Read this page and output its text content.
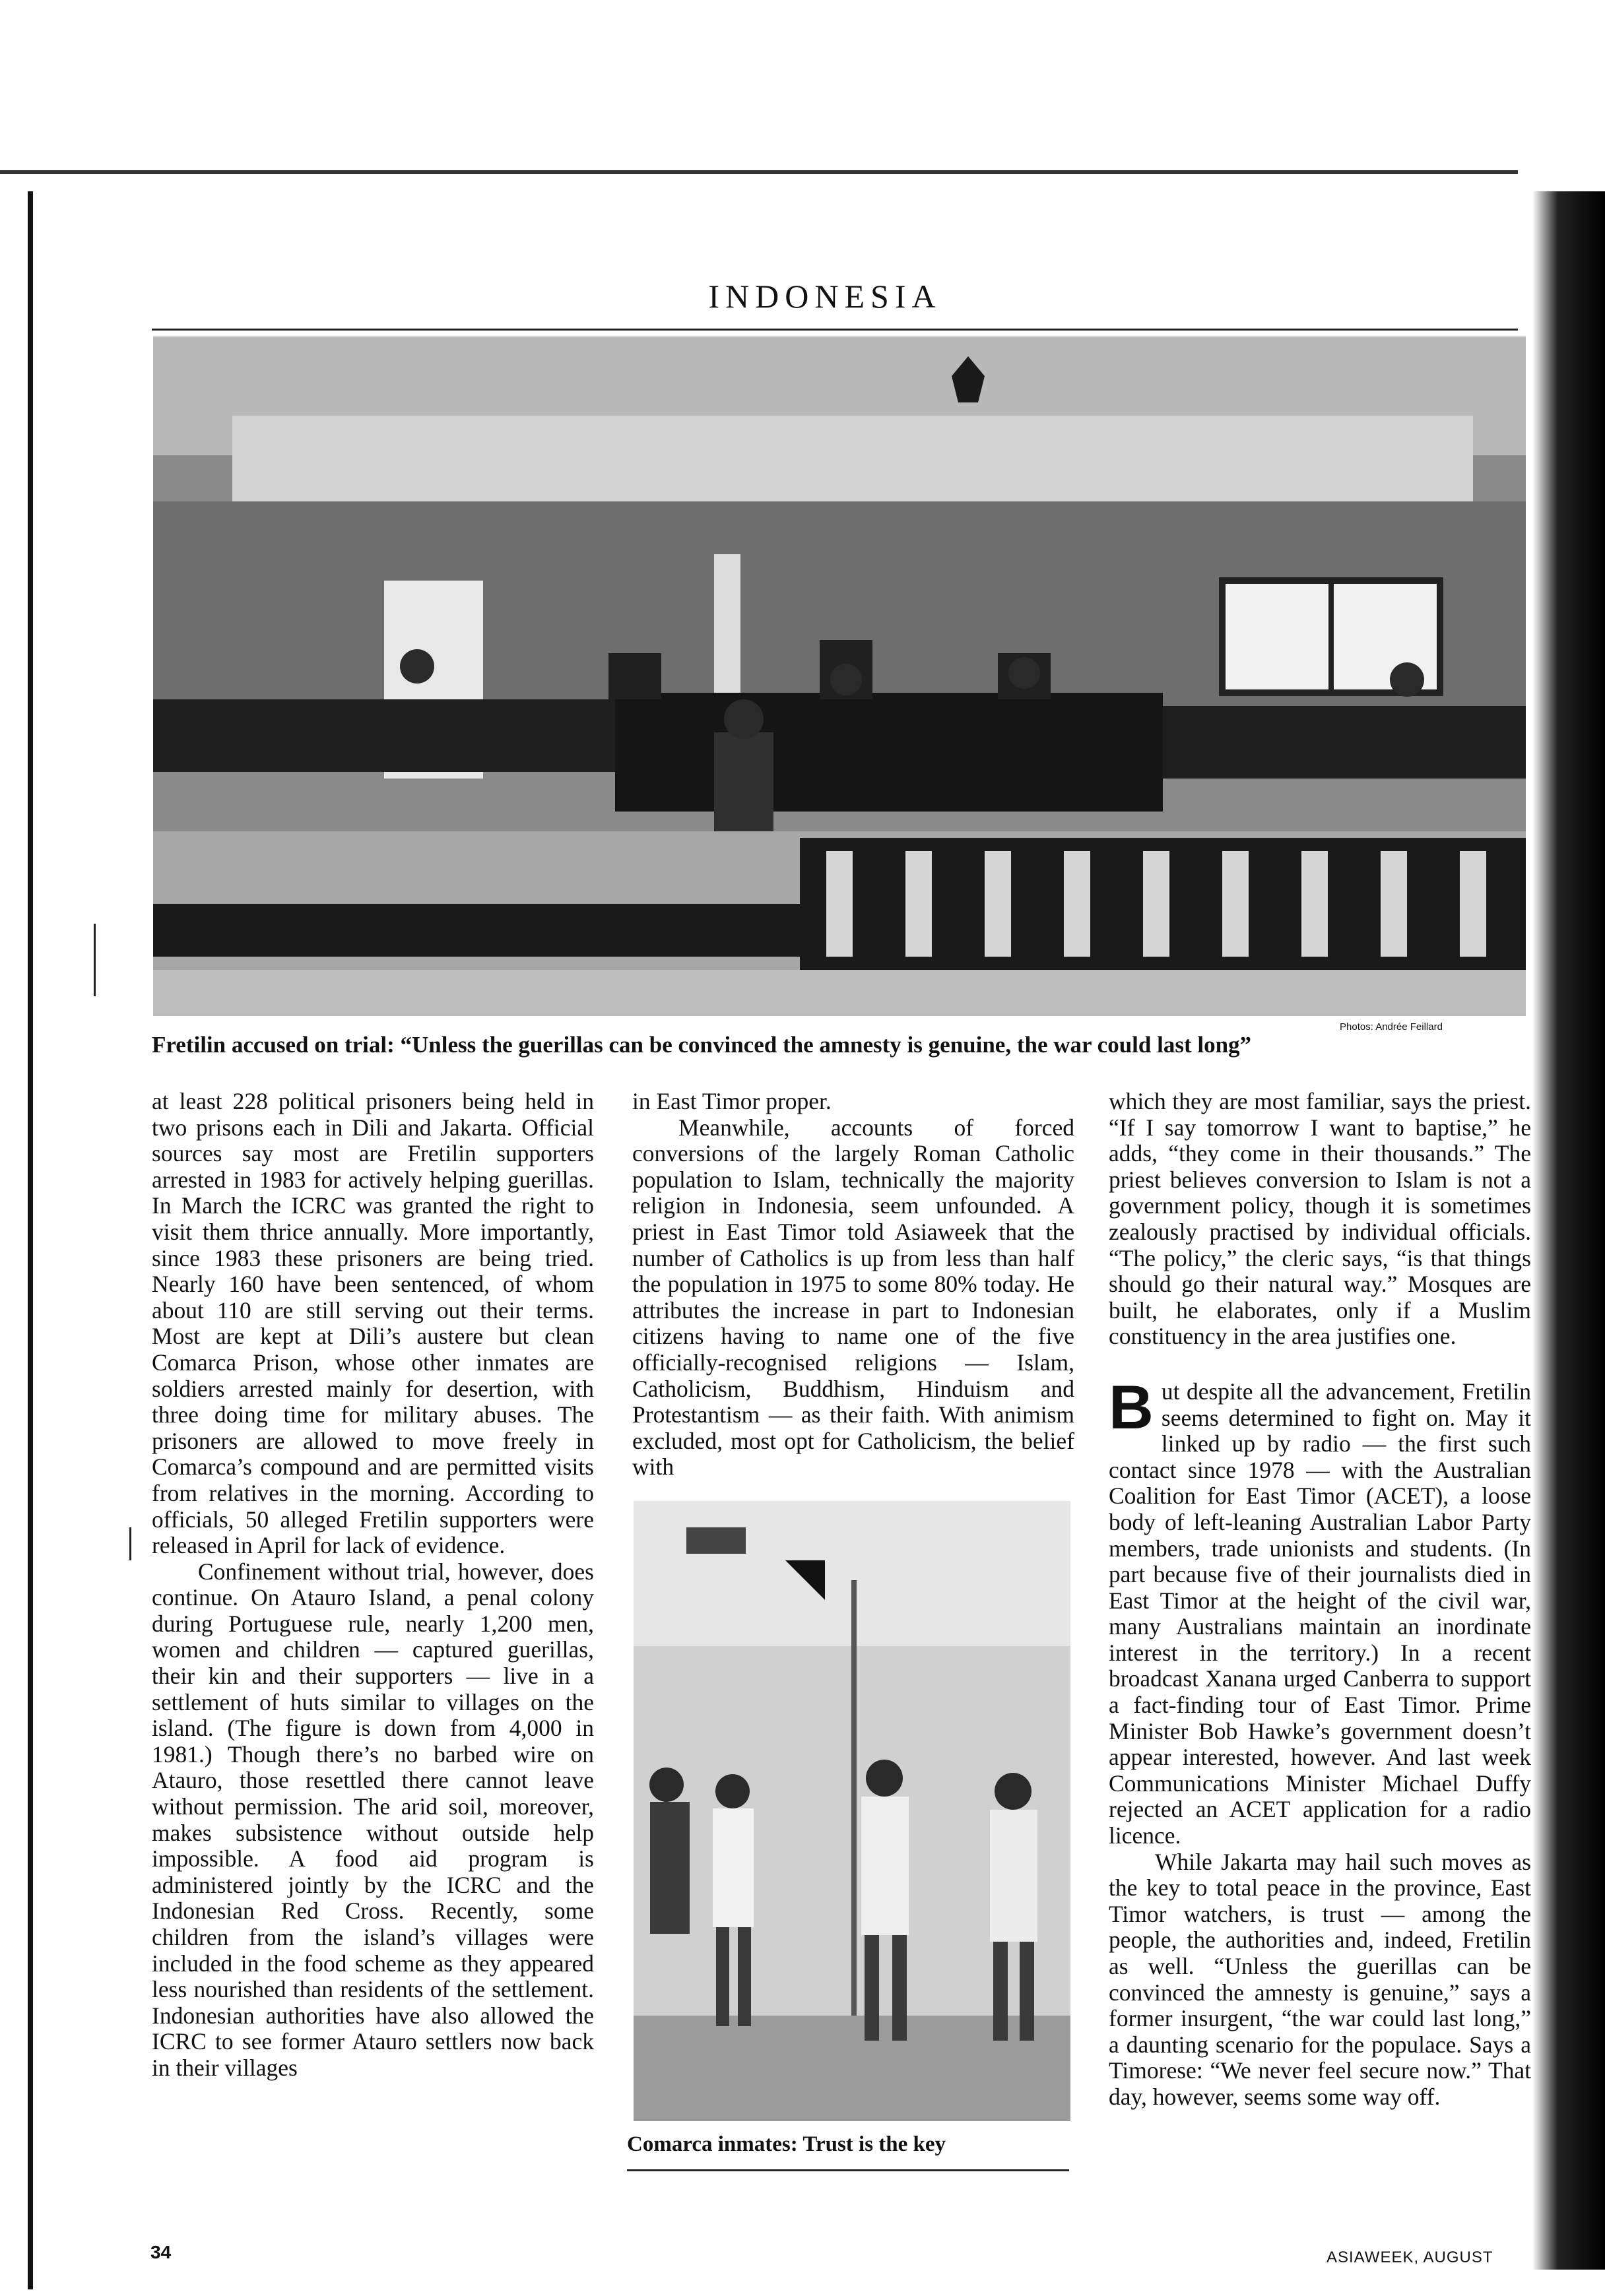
INDONESIA
Photos: Andrée Feillard
Fretilin accused on trial: “Unless the guerillas can be convinced the amnesty is genuine, the war could last long”

at least 228 political prisoners being held in two prisons each in Dili and Jakarta. Official sources say most are Fretilin supporters arrested in 1983 for actively helping guerillas. In March the ICRC was granted the right to visit them thrice annually. More importantly, since 1983 these prisoners are being tried. Nearly 160 have been sentenced, of whom about 110 are still serving out their terms. Most are kept at Dili’s austere but clean Comarca Prison, whose other inmates are soldiers arrested mainly for desertion, with three doing time for military abuses. The prisoners are allowed to move freely in Comarca’s compound and are permitted visits from relatives in the morning. According to officials, 50 alleged Fretilin supporters were released in April for lack of evidence.

Confinement without trial, however, does continue. On Atauro Island, a penal colony during Portuguese rule, nearly 1,200 men, women and children — captured guerillas, their kin and their supporters — live in a settlement of huts similar to villages on the island. (The figure is down from 4,000 in 1981.) Though there’s no barbed wire on Atauro, those resettled there cannot leave without permission. The arid soil, moreover, makes subsistence without outside help impossible. A food aid program is administered jointly by the ICRC and the Indonesian Red Cross. Recently, some children from the island’s villages were included in the food scheme as they appeared less nourished than residents of the settlement. Indonesian authorities have also allowed the ICRC to see former Atauro settlers now back in their villages

in East Timor proper.

Meanwhile, accounts of forced conversions of the largely Roman Catholic population to Islam, technically the majority religion in Indonesia, seem unfounded. A priest in East Timor told Asiaweek that the number of Catholics is up from less than half the population in 1975 to some 80% today. He attributes the increase in part to Indonesian citizens having to name one of the five officially-recognised religions — Islam, Catholicism, Buddhism, Hinduism and Protestantism — as their faith. With animism excluded, most opt for Catholicism, the belief with

Comarca inmates: Trust is the key

which they are most familiar, says the priest. “If I say tomorrow I want to baptise,” he adds, “they come in their thousands.” The priest believes conversion to Islam is not a government policy, though it is sometimes zealously practised by individual officials. “The policy,” the cleric says, “is that things should go their natural way.” Mosques are built, he elaborates, only if a Muslim constituency in the area justifies one.

But despite all the advancement, Fretilin seems determined to fight on. May it linked up by radio — the first such contact since 1978 — with the Australian Coalition for East Timor (ACET), a loose body of left-leaning Australian Labor Party members, trade unionists and students. (In part because five of their journalists died in East Timor at the height of the civil war, many Australians maintain an inordinate interest in the territory.) In a recent broadcast Xanana urged Canberra to support a fact-finding tour of East Timor. Prime Minister Bob Hawke’s government doesn’t appear interested, however. And last week Communications Minister Michael Duffy rejected an ACET application for a radio licence.

While Jakarta may hail such moves as the key to total peace in the province, East Timor watchers, is trust — among the people, the authorities and, indeed, Fretilin as well. “Unless the guerillas can be convinced the amnesty is genuine,” says a former insurgent, “the war could last long,” a daunting scenario for the populace. Says a Timorese: “We never feel secure now.” That day, however, seems some way off.

34	ASIAWEEK, AUGUST
